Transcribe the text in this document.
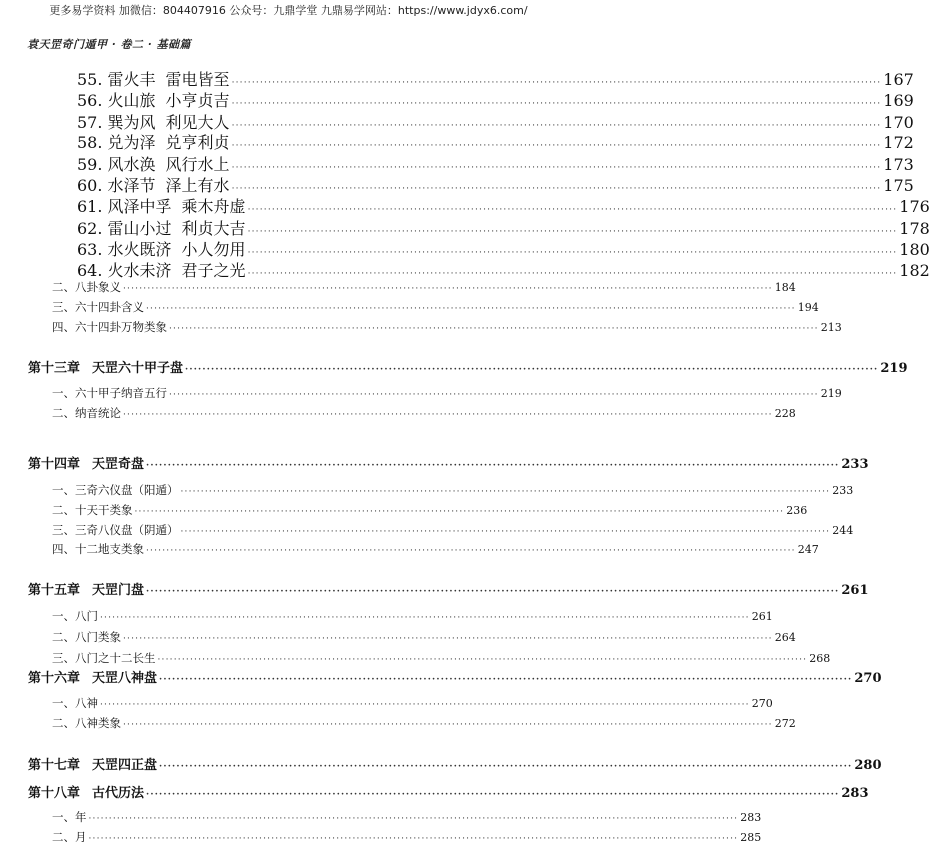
更多易学资料 加微信：804407916 公众号：九鼎学堂 九鼎易学网站：https://www.jdyx6.com/
袁天罡奇门遁甲 · 卷二 · 基础篇
55. 雷火丰 雷电皆至 ································································································································································ 167
56. 火山旅 小亨贞吉 ································································································································································ 169
57. 巽为风 利见大人 ································································································································································ 170
58. 兑为泽 兑亨利贞 ································································································································································ 172
59. 风水涣 风行水上 ································································································································································ 173
60. 水泽节 泽上有水 ································································································································································ 175
61. 风泽中孚 乘木舟虚 ································································································································································ 176
62. 雷山小过 利贞大吉 ································································································································································ 178
63. 水火既济 小人勿用 ································································································································································ 180
64. 火水未济 君子之光 ································································································································································ 182
二、八卦象义 ································································································································································ 184
三、六十四卦含义 ································································································································································ 194
四、六十四卦万物类象 ································································································································································ 213
第十三章 天罡六十甲子盘 ································································································································································ 219
一、六十甲子纳音五行 ································································································································································ 219
二、纳音统论 ································································································································································ 228
第十四章 天罡奇盘 ································································································································································ 233
一、三奇六仪盘（阳遁） ································································································································································ 233
二、十天干类象 ································································································································································ 236
三、三奇八仪盘（阴遁） ································································································································································ 244
四、十二地支类象 ································································································································································ 247
第十五章 天罡门盘 ································································································································································ 261
一、八门 ································································································································································ 261
二、八门类象 ································································································································································ 264
三、八门之十二长生 ································································································································································ 268
第十六章 天罡八神盘 ································································································································································ 270
一、八神 ································································································································································ 270
二、八神类象 ································································································································································ 272
第十七章 天罡四正盘 ································································································································································ 280
第十八章 古代历法 ································································································································································ 283
一、年 ································································································································································ 283
二、月 ································································································································································ 285
